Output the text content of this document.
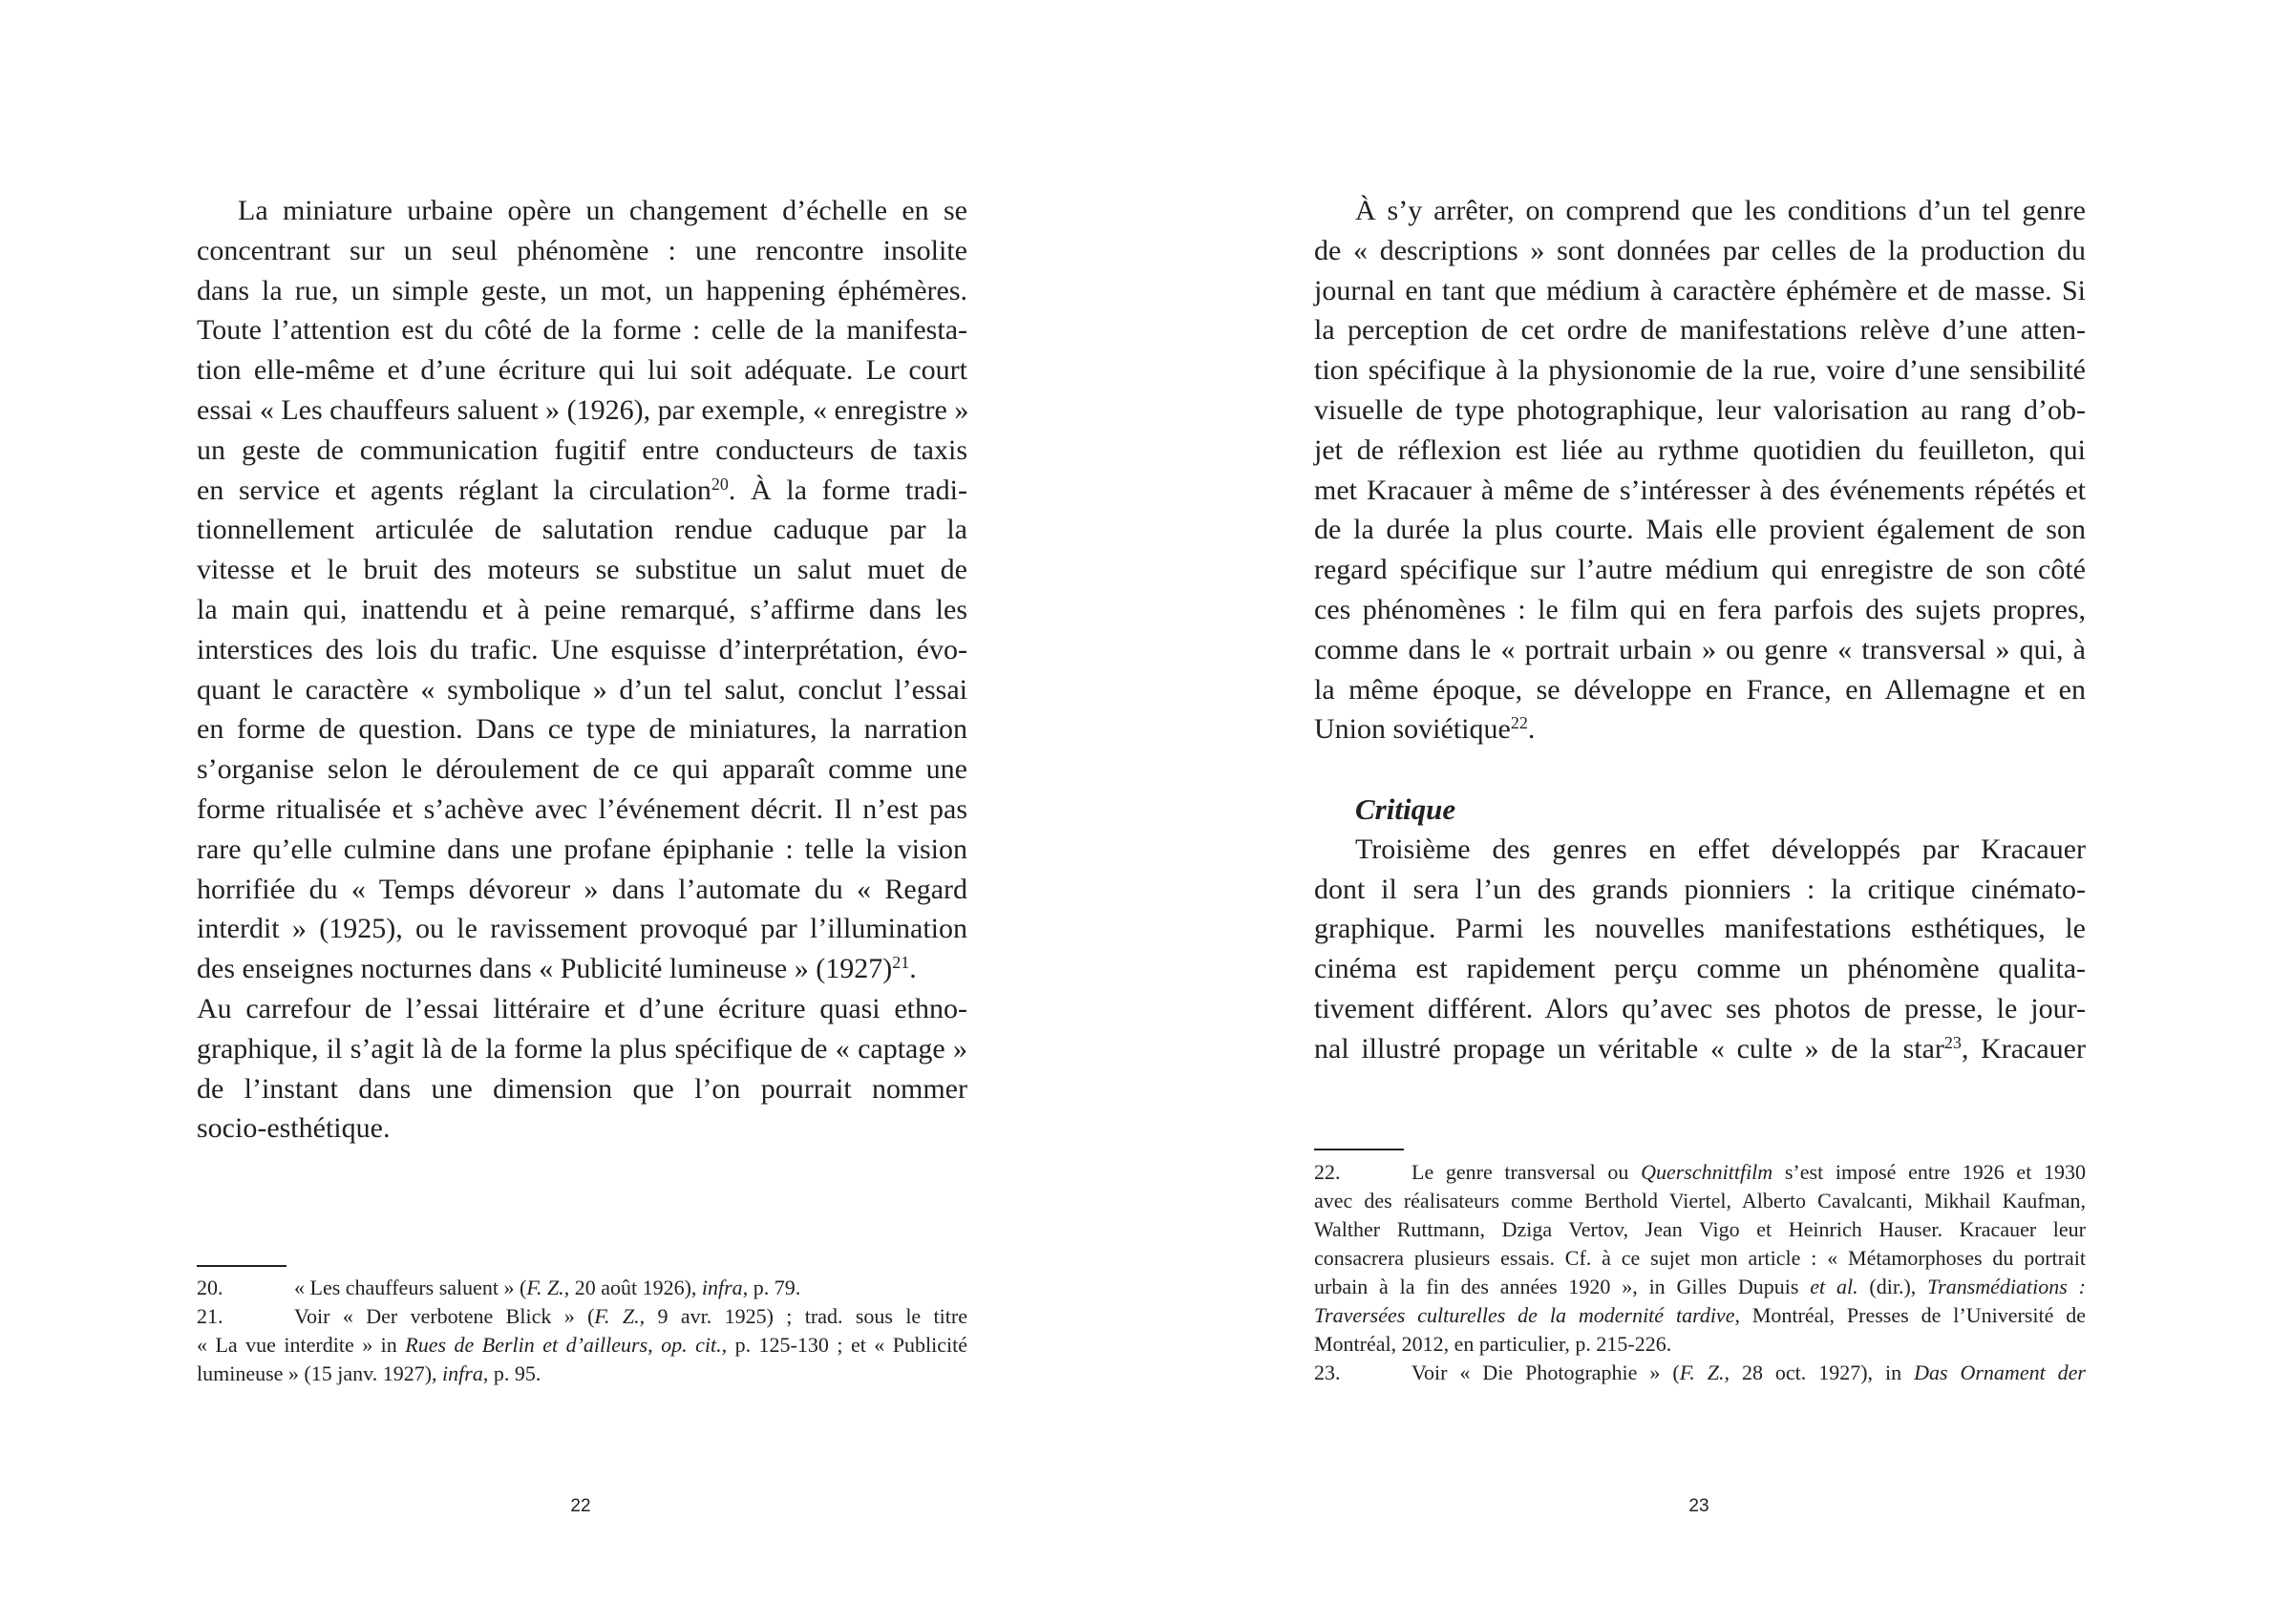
La miniature urbaine opère un changement d’échelle en se
concentrant sur un seul phénomène : une rencontre insolite
dans la rue, un simple geste, un mot, un happening éphémères.
Toute l’attention est du côté de la forme : celle de la manifesta-
tion elle-même et d’une écriture qui lui soit adéquate. Le court
essai « Les chauffeurs saluent » (1926), par exemple, « enregistre »
un geste de communication fugitif entre conducteurs de taxis
en service et agents réglant la circulation$^{20}$. À la forme tradi-
tionnellement articulée de salutation rendue caduque par la
vitesse et le bruit des moteurs se substitue un salut muet de
la main qui, inattendu et à peine remarqué, s’affirme dans les
interstices des lois du trafic. Une esquisse d’interprétation, évo-
quant le caractère « symbolique » d’un tel salut, conclut l’essai
en forme de question. Dans ce type de miniatures, la narration
s’organise selon le déroulement de ce qui apparaît comme une
forme ritualisée et s’achève avec l’événement décrit. Il n’est pas
rare qu’elle culmine dans une profane épiphanie : telle la vision
horrifiée du « Temps dévoreur » dans l’automate du « Regard
interdit » (1925), ou le ravissement provoqué par l’illumination
des enseignes nocturnes dans « Publicité lumineuse » $(1927)^{21}$.
Au carrefour de l’essai littéraire et d’une écriture quasi ethno-
graphique, il s’agit là de la forme la plus spécifique de « captage »
de l’instant dans une dimension que l’on pourrait nommer
socio-esthétique.
20.	« Les chauffeurs saluent » (F. Z., 20 août 1926), infra, p. 79.
21.	Voir « Der verbotene Blick » (F. Z., 9 avr. 1925) ; trad. sous le titre
« La vue interdite » in Rues de Berlin et d’ailleurs, op. cit., p. 125-130 ; et « Publicité
lumineuse » (15 janv. 1927), infra, p. 95.
22
À s’y arrêter, on comprend que les conditions d’un tel genre
de « descriptions » sont données par celles de la production du
journal en tant que médium à caractère éphémère et de masse. Si
la perception de cet ordre de manifestations relève d’une atten-
tion spécifique à la physionomie de la rue, voire d’une sensibilité
visuelle de type photographique, leur valorisation au rang d’ob-
jet de réflexion est liée au rythme quotidien du feuilleton, qui
met Kracauer à même de s’intéresser à des événements répétés et
de la durée la plus courte. Mais elle provient également de son
regard spécifique sur l’autre médium qui enregistre de son côté
ces phénomènes : le film qui en fera parfois des sujets propres,
comme dans le « portrait urbain » ou genre « transversal » qui, à
la même époque, se développe en France, en Allemagne et en
Union soviétique$^{22}$.
Critique
Troisième des genres en effet développés par Kracauer
dont il sera l’un des grands pionniers : la critique cinémato-
graphique. Parmi les nouvelles manifestations esthétiques, le
cinéma est rapidement perçu comme un phénomène qualita-
tivement différent. Alors qu’avec ses photos de presse, le jour-
nal illustré propage un véritable « culte » de la star$^{23}$, Kracauer
22.	Le genre transversal ou Querschnittfilm s’est imposé entre 1926 et 1930
avec des réalisateurs comme Berthold Viertel, Alberto Cavalcanti, Mikhail Kaufman,
Walther Ruttmann, Dziga Vertov, Jean Vigo et Heinrich Hauser. Kracauer leur
consacrera plusieurs essais. Cf. à ce sujet mon article : « Métamorphoses du portrait
urbain à la fin des années 1920 », in Gilles Dupuis et al. (dir.), Transmédiations :
Traversées culturelles de la modernité tardive, Montréal, Presses de l’Université de
Montréal, 2012, en particulier, p. 215-226.
23.	Voir « Die Photographie » (F. Z., 28 oct. 1927), in Das Ornament der
23
